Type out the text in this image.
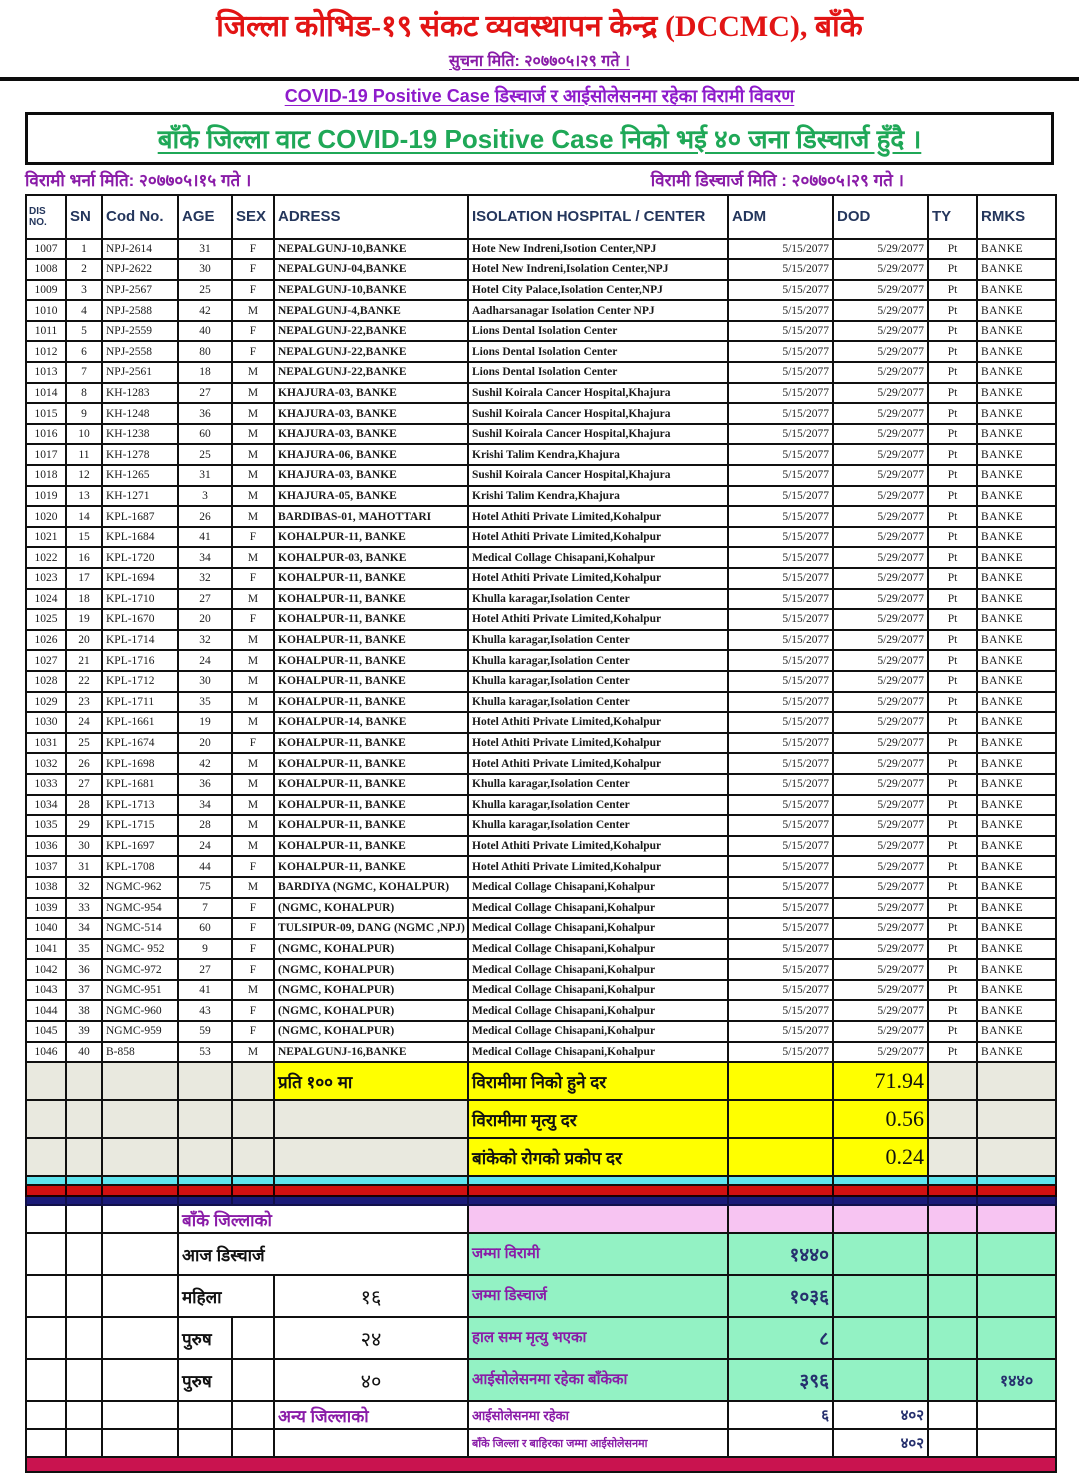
जिल्ला कोभिड-१९ संकट व्यवस्थापन केन्द्र (DCCMC), बाँके
सुचना मिति: २०७७०५।२९ गते ।
COVID-19 Positive Case डिस्चार्ज र आईसोलेसनमा रहेका विरामी विवरण
बाँके जिल्ला वाट COVID-19 Positive Case निको भई ४० जना डिस्चार्ज हुँदै ।
विरामी भर्ना मिति: २०७७०५।१५ गते ।	विरामी डिस्चार्ज मिति : २०७७०५।२९ गते ।
DIS NO.	SN	Cod No.	AGE	SEX	ADRESS	ISOLATION HOSPITAL / CENTER	ADM	DOD	TY	RMKS
1007	1	NPJ-2614	31	F	NEPALGUNJ-10,BANKE	Hote New Indreni,Isotion Center,NPJ	5/15/2077	5/29/2077	Pt	BANKE
1008	2	NPJ-2622	30	F	NEPALGUNJ-04,BANKE	Hotel New Indreni,Isolation Center,NPJ	5/15/2077	5/29/2077	Pt	BANKE
1009	3	NPJ-2567	25	F	NEPALGUNJ-10,BANKE	Hotel City Palace,Isolation Center,NPJ	5/15/2077	5/29/2077	Pt	BANKE
1010	4	NPJ-2588	42	M	NEPALGUNJ-4,BANKE	Aadharsanagar Isolation Center NPJ	5/15/2077	5/29/2077	Pt	BANKE
1011	5	NPJ-2559	40	F	NEPALGUNJ-22,BANKE	Lions Dental Isolation Center	5/15/2077	5/29/2077	Pt	BANKE
1012	6	NPJ-2558	80	F	NEPALGUNJ-22,BANKE	Lions Dental Isolation Center	5/15/2077	5/29/2077	Pt	BANKE
1013	7	NPJ-2561	18	M	NEPALGUNJ-22,BANKE	Lions Dental Isolation Center	5/15/2077	5/29/2077	Pt	BANKE
1014	8	KH-1283	27	M	KHAJURA-03, BANKE	Sushil Koirala Cancer Hospital,Khajura	5/15/2077	5/29/2077	Pt	BANKE
1015	9	KH-1248	36	M	KHAJURA-03, BANKE	Sushil Koirala Cancer Hospital,Khajura	5/15/2077	5/29/2077	Pt	BANKE
1016	10	KH-1238	60	M	KHAJURA-03, BANKE	Sushil Koirala Cancer Hospital,Khajura	5/15/2077	5/29/2077	Pt	BANKE
1017	11	KH-1278	25	M	KHAJURA-06, BANKE	Krishi Talim Kendra,Khajura	5/15/2077	5/29/2077	Pt	BANKE
1018	12	KH-1265	31	M	KHAJURA-03, BANKE	Sushil Koirala Cancer Hospital,Khajura	5/15/2077	5/29/2077	Pt	BANKE
1019	13	KH-1271	3	M	KHAJURA-05, BANKE	Krishi Talim Kendra,Khajura	5/15/2077	5/29/2077	Pt	BANKE
1020	14	KPL-1687	26	M	BARDIBAS-01, MAHOTTARI	Hotel Athiti Private Limited,Kohalpur	5/15/2077	5/29/2077	Pt	BANKE
1021	15	KPL-1684	41	F	KOHALPUR-11, BANKE	Hotel Athiti Private Limited,Kohalpur	5/15/2077	5/29/2077	Pt	BANKE
1022	16	KPL-1720	34	M	KOHALPUR-03, BANKE	Medical Collage Chisapani,Kohalpur	5/15/2077	5/29/2077	Pt	BANKE
1023	17	KPL-1694	32	F	KOHALPUR-11, BANKE	Hotel Athiti Private Limited,Kohalpur	5/15/2077	5/29/2077	Pt	BANKE
1024	18	KPL-1710	27	M	KOHALPUR-11, BANKE	Khulla karagar,Isolation Center	5/15/2077	5/29/2077	Pt	BANKE
1025	19	KPL-1670	20	F	KOHALPUR-11, BANKE	Hotel Athiti Private Limited,Kohalpur	5/15/2077	5/29/2077	Pt	BANKE
1026	20	KPL-1714	32	M	KOHALPUR-11, BANKE	Khulla karagar,Isolation Center	5/15/2077	5/29/2077	Pt	BANKE
1027	21	KPL-1716	24	M	KOHALPUR-11, BANKE	Khulla karagar,Isolation Center	5/15/2077	5/29/2077	Pt	BANKE
1028	22	KPL-1712	30	M	KOHALPUR-11, BANKE	Khulla karagar,Isolation Center	5/15/2077	5/29/2077	Pt	BANKE
1029	23	KPL-1711	35	M	KOHALPUR-11, BANKE	Khulla karagar,Isolation Center	5/15/2077	5/29/2077	Pt	BANKE
1030	24	KPL-1661	19	M	KOHALPUR-14, BANKE	Hotel Athiti Private Limited,Kohalpur	5/15/2077	5/29/2077	Pt	BANKE
1031	25	KPL-1674	20	F	KOHALPUR-11, BANKE	Hotel Athiti Private Limited,Kohalpur	5/15/2077	5/29/2077	Pt	BANKE
1032	26	KPL-1698	42	M	KOHALPUR-11, BANKE	Hotel Athiti Private Limited,Kohalpur	5/15/2077	5/29/2077	Pt	BANKE
1033	27	KPL-1681	36	M	KOHALPUR-11, BANKE	Khulla karagar,Isolation Center	5/15/2077	5/29/2077	Pt	BANKE
1034	28	KPL-1713	34	M	KOHALPUR-11, BANKE	Khulla karagar,Isolation Center	5/15/2077	5/29/2077	Pt	BANKE
1035	29	KPL-1715	28	M	KOHALPUR-11, BANKE	Khulla karagar,Isolation Center	5/15/2077	5/29/2077	Pt	BANKE
1036	30	KPL-1697	24	M	KOHALPUR-11, BANKE	Hotel Athiti Private Limited,Kohalpur	5/15/2077	5/29/2077	Pt	BANKE
1037	31	KPL-1708	44	F	KOHALPUR-11, BANKE	Hotel Athiti Private Limited,Kohalpur	5/15/2077	5/29/2077	Pt	BANKE
1038	32	NGMC-962	75	M	BARDIYA (NGMC, KOHALPUR)	Medical Collage Chisapani,Kohalpur	5/15/2077	5/29/2077	Pt	BANKE
1039	33	NGMC-954	7	F	(NGMC, KOHALPUR)	Medical Collage Chisapani,Kohalpur	5/15/2077	5/29/2077	Pt	BANKE
1040	34	NGMC-514	60	F	TULSIPUR-09, DANG (NGMC ,NPJ)	Medical Collage Chisapani,Kohalpur	5/15/2077	5/29/2077	Pt	BANKE
1041	35	NGMC- 952	9	F	(NGMC, KOHALPUR)	Medical Collage Chisapani,Kohalpur	5/15/2077	5/29/2077	Pt	BANKE
1042	36	NGMC-972	27	F	(NGMC, KOHALPUR)	Medical Collage Chisapani,Kohalpur	5/15/2077	5/29/2077	Pt	BANKE
1043	37	NGMC-951	41	M	(NGMC, KOHALPUR)	Medical Collage Chisapani,Kohalpur	5/15/2077	5/29/2077	Pt	BANKE
1044	38	NGMC-960	43	F	(NGMC, KOHALPUR)	Medical Collage Chisapani,Kohalpur	5/15/2077	5/29/2077	Pt	BANKE
1045	39	NGMC-959	59	F	(NGMC, KOHALPUR)	Medical Collage Chisapani,Kohalpur	5/15/2077	5/29/2077	Pt	BANKE
1046	40	B-858	53	M	NEPALGUNJ-16,BANKE	Medical Collage Chisapani,Kohalpur	5/15/2077	5/29/2077	Pt	BANKE
					प्रति १०० मा	विरामीमा निको हुने दर		71.94		
						विरामीमा मृत्यु दर		0.56		
						बांकेको रोगको प्रकोप दर		0.24		

			बाँके जिल्लाको							
			आज डिस्चार्ज			जम्मा विरामी	१४४०			
			महिला		१६	जम्मा डिस्चार्ज	१०३६			
			पुरुष		२४	हाल सम्म मृत्यु भएका	८			
			पुरुष		४०	आईसोलेसनमा रहेका बाँकेका	३९६			१४४०
					अन्य जिल्लाको	आईसोलेसनमा रहेका	६	४०२		
						बाँके जिल्ला र बाहिरका जम्मा आईसोलेसनमा		४०२		
